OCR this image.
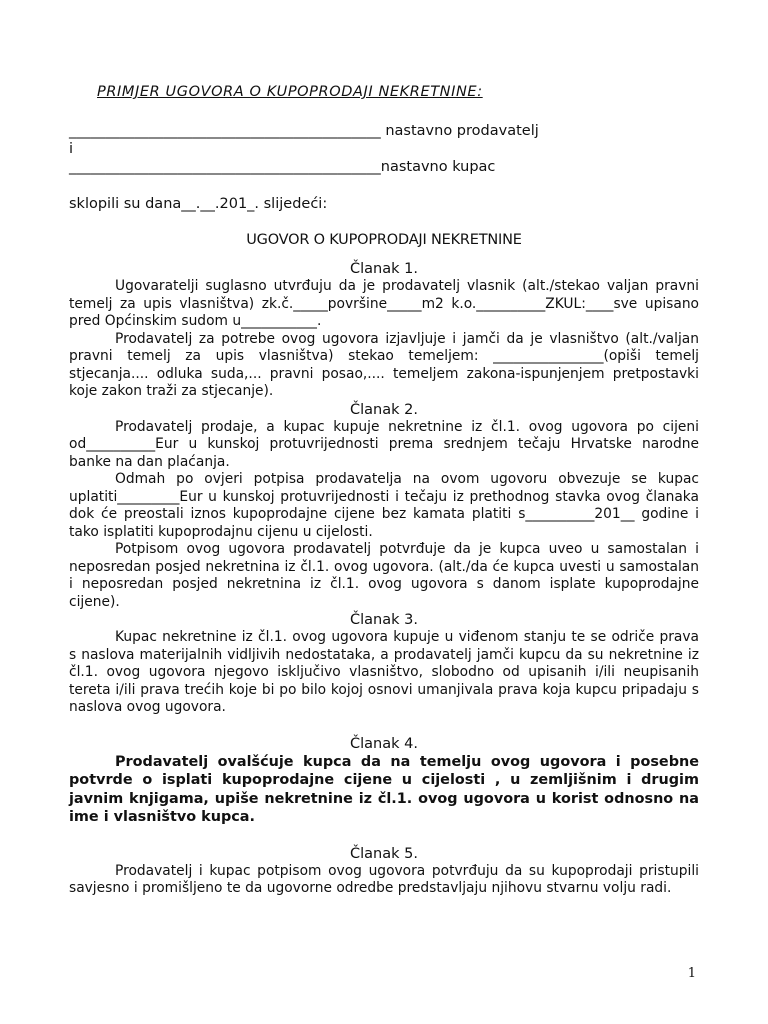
PRIMJER UGOVORA O KUPOPRODAJI NEKRETNINE:
___________________________________________ nastavno prodavatelj
i
___________________________________________nastavno kupac
sklopili su dana__.__.201_. slijedeći:
UGOVOR O KUPOPRODAJI NEKRETNINE
Članak 1.

Ugovaratelji suglasno utvrđuju da je prodavatelj vlasnik (alt./stekao valjan pravni temelj za upis vlasništva) zk.č._____površine_____m2 k.o.__________ZKUL:____sve upisano pred Općinskim sudom u___________.

Prodavatelj za potrebe ovog ugovora izjavljuje i jamči da je vlasništvo (alt./valjan pravni temelj za upis vlasništva) stekao temeljem: ________________(opiši temelj stjecanja.... odluka suda,... pravni posao,.... temeljem zakona-ispunjenjem pretpostavki koje zakon traži za stjecanje).

Članak 2.

Prodavatelj prodaje, a kupac kupuje nekretnine iz čl.1. ovog ugovora po cijeni od__________Eur u kunskoj protuvrijednosti prema srednjem tečaju Hrvatske narodne banke na dan plaćanja.

Odmah po ovjeri potpisa prodavatelja na ovom ugovoru obvezuje se kupac uplatiti_________Eur u kunskoj protuvrijednosti i tečaju iz prethodnog stavka ovog članaka dok će preostali iznos kupoprodajne cijene bez kamata platiti s__________201__ godine i tako isplatiti kupoprodajnu cijenu u cijelosti.

Potpisom ovog ugovora prodavatelj potvrđuje da je kupca uveo u samostalan i neposredan posjed nekretnina iz čl.1. ovog ugovora. (alt./da će kupca uvesti u samostalan i neposredan posjed nekretnina iz čl.1. ovog ugovora s danom isplate kupoprodajne cijene).

Članak 3.

Kupac nekretnine iz čl.1. ovog ugovora kupuje u viđenom stanju te se odriče prava s naslova materijalnih vidljivih nedostataka, a prodavatelj jamči kupcu da su nekretnine iz čl.1. ovog ugovora njegovo isključivo vlasništvo, slobodno od upisanih i/ili neupisanih tereta i/ili prava trećih koje bi po bilo kojoj osnovi umanjivala prava koja kupcu pripadaju s naslova ovog ugovora.

Članak 4.

Prodavatelj ovalšćuje kupca da na temelju ovog ugovora i posebne potvrde o isplati kupoprodajne cijene u cijelosti , u zemljišnim i drugim javnim knjigama, upiše nekretnine iz čl.1. ovog ugovora u korist odnosno na ime i vlasništvo kupca.

Članak 5.

Prodavatelj i kupac potpisom ovog ugovora potvrđuju da su kupoprodaji pristupili savjesno i promišljeno te da ugovorne odredbe predstavljaju njihovu stvarnu volju radi.

1
